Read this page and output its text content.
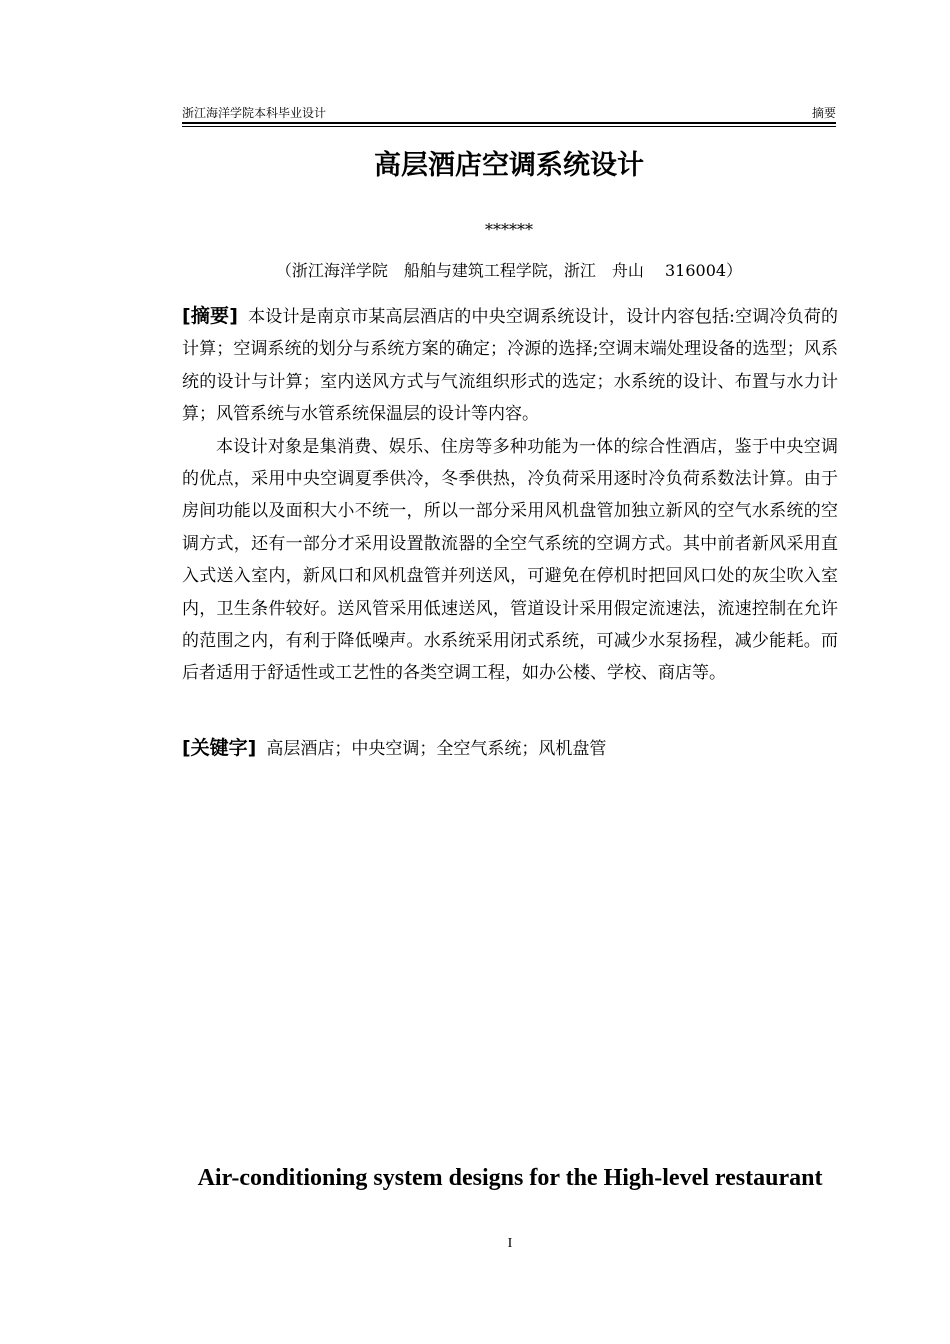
浙江海洋学院本科毕业设计	摘要
高层酒店空调系统设计
******
（浙江海洋学院　船舶与建筑工程学院，浙江　舟山　 316004）

[摘要] 本设计是南京市某高层酒店的中央空调系统设计，设计内容包括:空调冷负荷的计算；空调系统的划分与系统方案的确定；冷源的选择;空调末端处理设备的选型；风系统的设计与计算；室内送风方式与气流组织形式的选定；水系统的设计、布置与水力计算；风管系统与水管系统保温层的设计等内容。

本设计对象是集消费、娱乐、住房等多种功能为一体的综合性酒店，鉴于中央空调的优点，采用中央空调夏季供冷，冬季供热，冷负荷采用逐时冷负荷系数法计算。由于房间功能以及面积大小不统一，所以一部分采用风机盘管加独立新风的空气水系统的空调方式，还有一部分才采用设置散流器的全空气系统的空调方式。其中前者新风采用直入式送入室内，新风口和风机盘管并列送风，可避免在停机时把回风口处的灰尘吹入室内，卫生条件较好。送风管采用低速送风，管道设计采用假定流速法，流速控制在允许的范围之内，有利于降低噪声。水系统采用闭式系统，可减少水泵扬程，减少能耗。而后者适用于舒适性或工艺性的各类空调工程，如办公楼、学校、商店等。

[关键字] 高层酒店；中央空调；全空气系统；风机盘管
Air-conditioning system designs for the High-level restaurant
I
